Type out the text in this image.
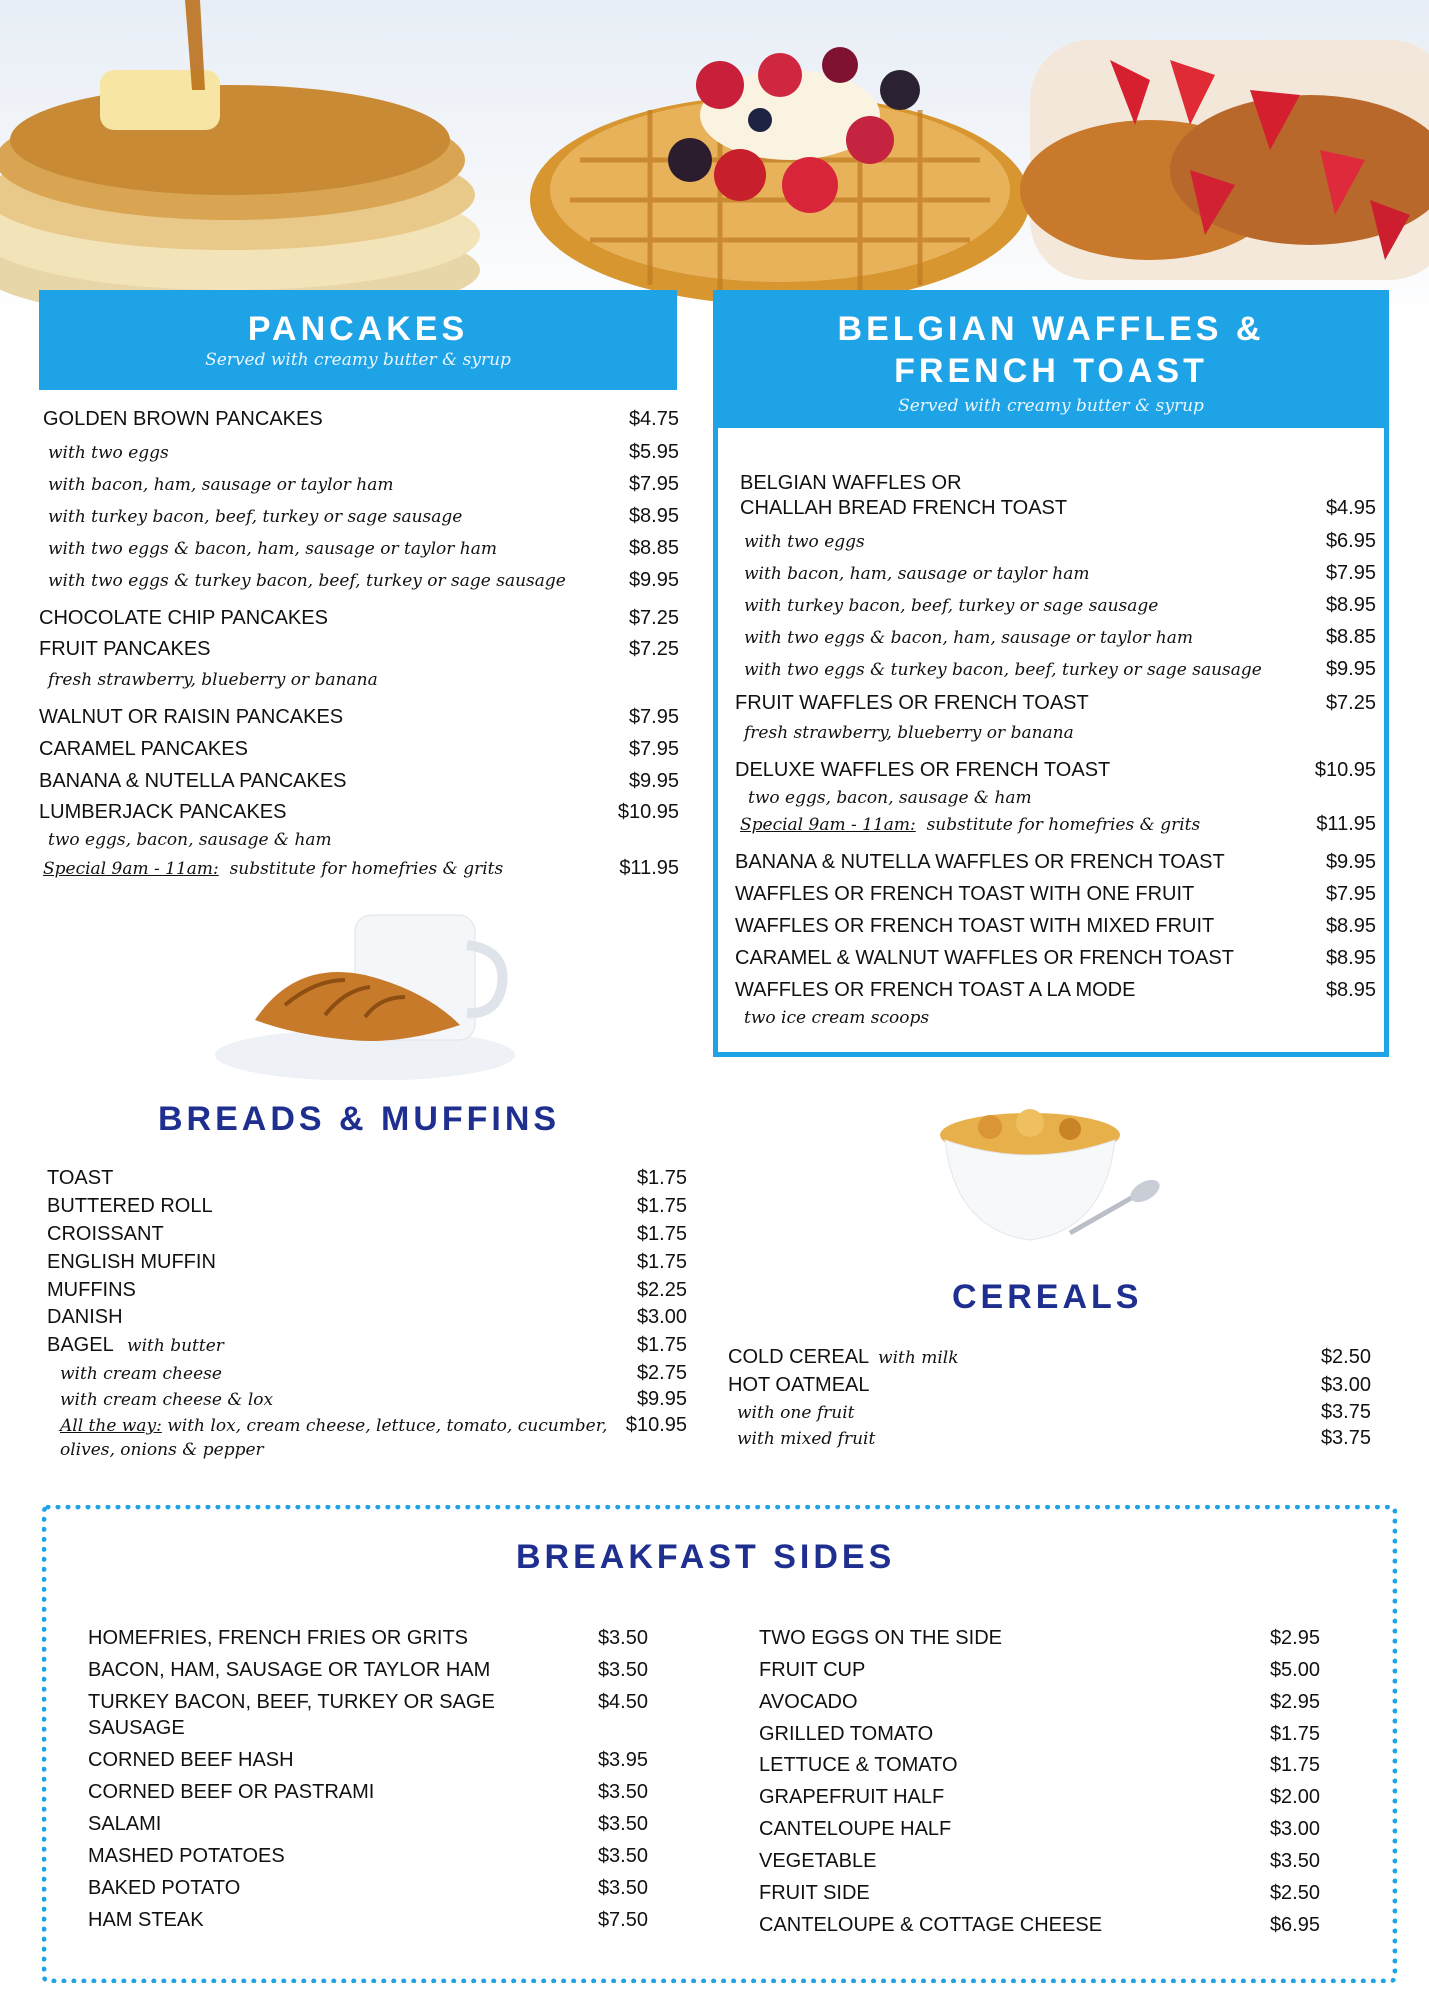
PANCAKES
Served with creamy butter & syrup
GOLDEN BROWN PANCAKES	$4.75
with two eggs	$5.95
with bacon, ham, sausage or taylor ham	$7.95
with turkey bacon, beef, turkey or sage sausage	$8.95
with two eggs & bacon, ham, sausage or taylor ham	$8.85
with two eggs & turkey bacon, beef, turkey or sage sausage	$9.95
CHOCOLATE CHIP PANCAKES	$7.25
FRUIT PANCAKES	$7.25
fresh strawberry, blueberry or banana
WALNUT OR RAISIN PANCAKES	$7.95
CARAMEL PANCAKES	$7.95
BANANA & NUTELLA PANCAKES	$9.95
LUMBERJACK PANCAKES	$10.95
two eggs, bacon, sausage & ham
Special 9am - 11am: substitute for homefries & grits	$11.95
BELGIAN WAFFLES &
FRENCH TOAST
Served with creamy butter & syrup
BELGIAN WAFFLES OR
CHALLAH BREAD FRENCH TOAST	$4.95
with two eggs	$6.95
with bacon, ham, sausage or taylor ham	$7.95
with turkey bacon, beef, turkey or sage sausage	$8.95
with two eggs & bacon, ham, sausage or taylor ham	$8.85
with two eggs & turkey bacon, beef, turkey or sage sausage	$9.95
FRUIT WAFFLES OR FRENCH TOAST	$7.25
fresh strawberry, blueberry or banana
DELUXE WAFFLES OR FRENCH TOAST	$10.95
two eggs, bacon, sausage & ham
Special 9am - 11am: substitute for homefries & grits	$11.95
BANANA & NUTELLA WAFFLES OR FRENCH TOAST	$9.95
WAFFLES OR FRENCH TOAST WITH ONE FRUIT	$7.95
WAFFLES OR FRENCH TOAST WITH MIXED FRUIT	$8.95
CARAMEL & WALNUT WAFFLES OR FRENCH TOAST	$8.95
WAFFLES OR FRENCH TOAST A LA MODE	$8.95
two ice cream scoops
BREADS & MUFFINS
TOAST	$1.75
BUTTERED ROLL	$1.75
CROISSANT	$1.75
ENGLISH MUFFIN	$1.75
MUFFINS	$2.25
DANISH	$3.00
BAGEL with butter	$1.75
with cream cheese	$2.75
with cream cheese & lox	$9.95
All the way: with lox, cream cheese, lettuce, tomato, cucumber, $10.95
olives, onions & pepper
CEREALS
COLD CEREAL with milk	$2.50
HOT OATMEAL	$3.00
with one fruit	$3.75
with mixed fruit	$3.75
BREAKFAST SIDES
HOMEFRIES, FRENCH FRIES OR GRITS	$3.50
BACON, HAM, SAUSAGE OR TAYLOR HAM	$3.50
TURKEY BACON, BEEF, TURKEY OR SAGE	$4.50
SAUSAGE
CORNED BEEF HASH	$3.95
CORNED BEEF OR PASTRAMI	$3.50
SALAMI	$3.50
MASHED POTATOES	$3.50
BAKED POTATO	$3.50
HAM STEAK	$7.50
TWO EGGS ON THE SIDE	$2.95
FRUIT CUP	$5.00
AVOCADO	$2.95
GRILLED TOMATO	$1.75
LETTUCE & TOMATO	$1.75
GRAPEFRUIT HALF	$2.00
CANTELOUPE HALF	$3.00
VEGETABLE	$3.50
FRUIT SIDE	$2.50
CANTELOUPE & COTTAGE CHEESE	$6.95
